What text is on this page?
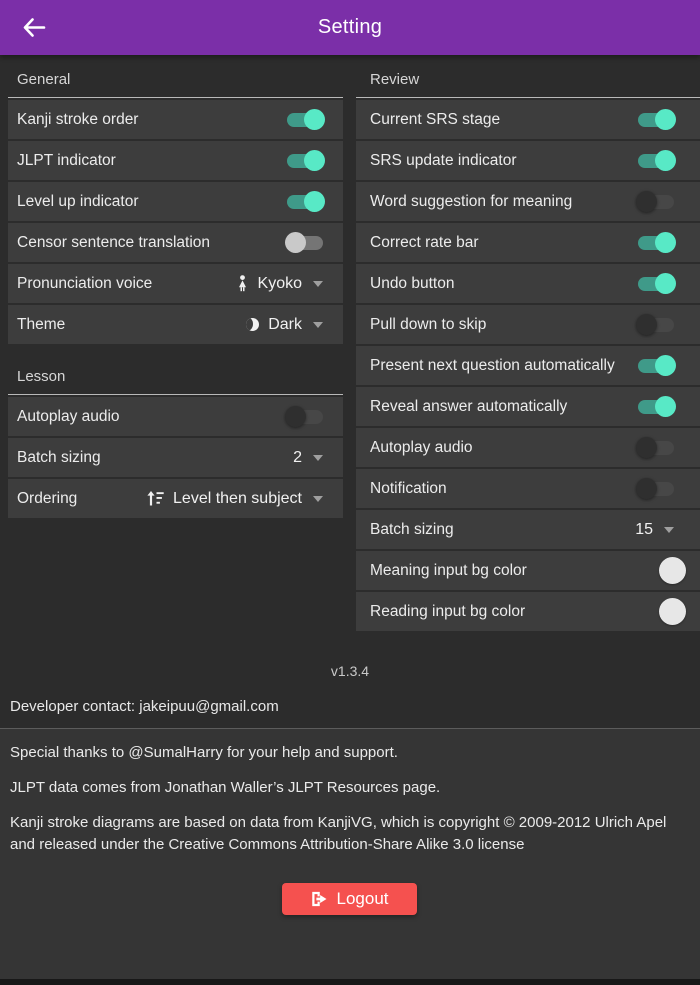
Setting
General
Kanji stroke order
JLPT indicator
Level up indicator
Censor sentence translation
Pronunciation voice	Kyoko
Theme	Dark
Lesson
Autoplay audio
Batch sizing	2
Ordering	Level then subject
Review
Current SRS stage
SRS update indicator
Word suggestion for meaning
Correct rate bar
Undo button
Pull down to skip
Present next question automatically
Reveal answer automatically
Autoplay audio
Notification
Batch sizing	15
Meaning input bg color
Reading input bg color
v1.3.4
Developer contact: jakeipuu@gmail.com

Special thanks to @SumalHarry for your help and support.

JLPT data comes from Jonathan Waller’s JLPT Resources page.

Kanji stroke diagrams are based on data from KanjiVG, which is copyright © 2009-2012 Ulrich Apel and released under the Creative Commons Attribution-Share Alike 3.0 license

Logout
